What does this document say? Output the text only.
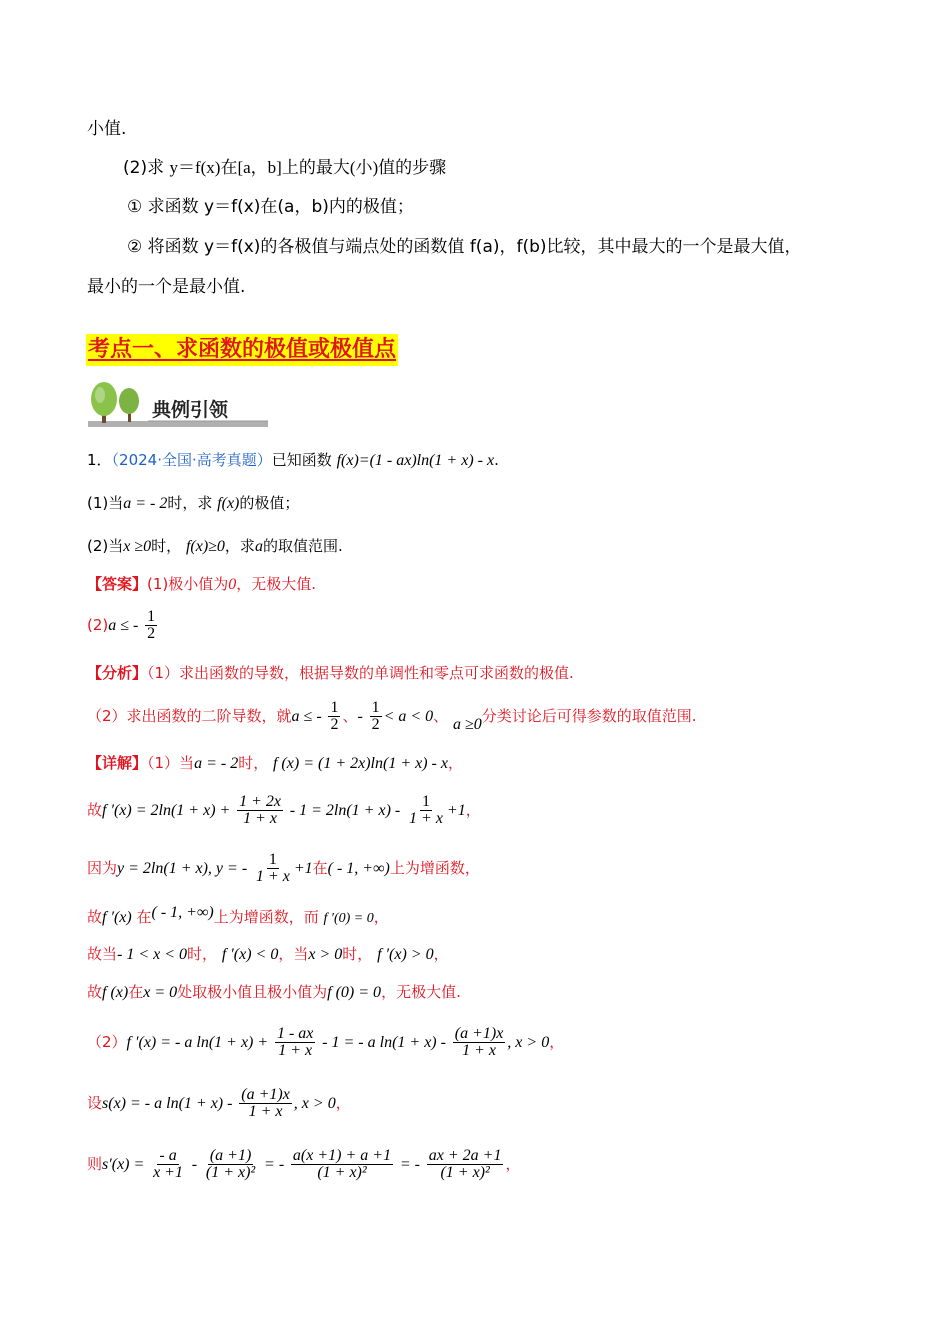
小值.
(2)求 y＝f(x)在[a，b]上的最大(小)值的步骤
① 求函数 y＝f(x)在(a，b)内的极值；
② 将函数 y＝f(x)的各极值与端点处的函数值 f(a)，f(b)比较，其中最大的一个是最大值，
最小的一个是最小值.
考点一、求函数的极值或极值点
典例引领
1．（2024·全国·高考真题）已知函数 f(x)=(1 - ax)ln(1 + x) - x.
(1)当a = - 2时，求 f(x)的极值；
(2)当x ≥0时， f(x)≥0，求a的取值范围.
【答案】(1)极小值为0，无极大值.
(2)a ≤ - $\frac{1}{2}$
【分析】（1）求出函数的导数，根据导数的单调性和零点可求函数的极值.
（2）求出函数的二阶导数，就a ≤ - $\frac{1}{2}$ 、- $\frac{1}{2} < a < 0$、 a ≥0分类讨论后可得参数的取值范围.
【详解】（1）当a = - 2时， f (x) = (1 + 2x)ln(1 + x) - x，
故f $'(x) = 2\ln(1 + x) + \frac{1 + 2x}{1 + x} - 1 = 2\ln(1 + x) - \frac{1}{1 + x} +1$，
因为y = 2ln(1 + x), y = - $\frac{1}{1 + x} +1$在( - 1, +∞)上为增函数，
故f ′(x) 在( - 1, +∞)上为增函数，而 f ′(0) = 0，
故当- 1 < x < 0时， f ′(x) < 0，当x > 0时， f ′(x) > 0，
故f (x)在x = 0处取极小值且极小值为f (0) = 0，无极大值.
（2）f ′(x) = - a $\ln(1 + x) + \frac{1 - ax}{1 + x} - 1$ = - a $\ln(1 + x) - \frac{(a +1)x}{1 + x}$ , x > 0，
设s(x) = - a $\ln(1 + x) - \frac{(a +1)x}{1 + x}$ , x > 0，
则$s'(x) = \frac{- a}{x +1} - \frac{(a +1)}{\text{(1 + x)²}}$ = - $\frac{a(x +1) + a +1}{\text{(1 + x)²}}$ = - $\frac{ax + 2a +1}{\text{(1 + x)²}}$ ，
